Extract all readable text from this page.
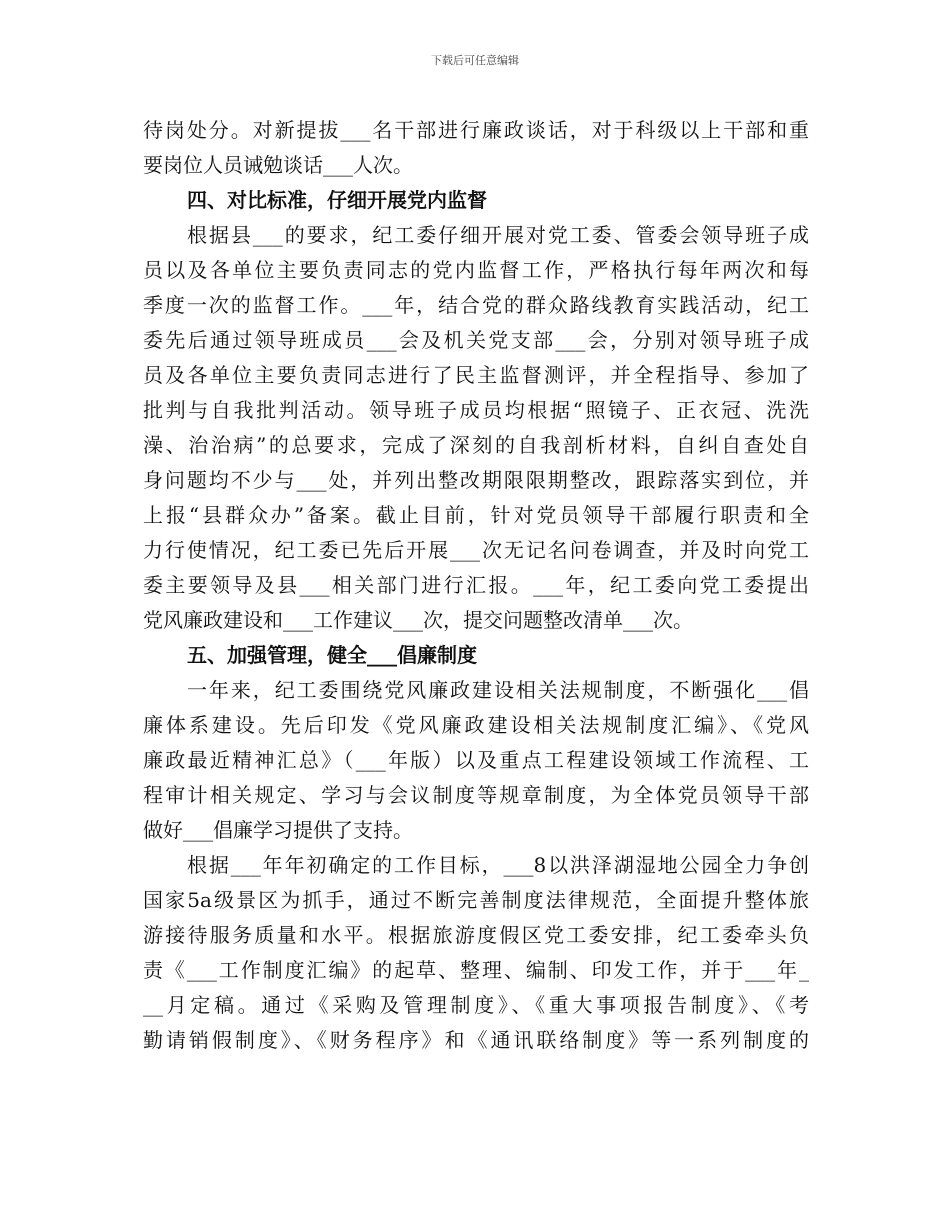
下载后可任意编辑
待岗处分。对新提拔___名干部进行廉政谈话，对于科级以上干部和重
要岗位人员诫勉谈话___人次。
四、对比标准，仔细开展党内监督
根据县___的要求，纪工委仔细开展对党工委、管委会领导班子成
员以及各单位主要负责同志的党内监督工作，严格执行每年两次和每
季度一次的监督工作。___年，结合党的群众路线教育实践活动，纪工
委先后通过领导班成员___会及机关党支部___会，分别对领导班子成
员及各单位主要负责同志进行了民主监督测评，并全程指导、参加了
批判与自我批判活动。领导班子成员均根据“照镜子、正衣冠、洗洗
澡、治治病”的总要求，完成了深刻的自我剖析材料，自纠自查处自
身问题均不少与___处，并列出整改期限限期整改，跟踪落实到位，并
上报“县群众办”备案。截止目前，针对党员领导干部履行职责和全
力行使情况，纪工委已先后开展___次无记名问卷调查，并及时向党工
委主要领导及县___相关部门进行汇报。___年，纪工委向党工委提出
党风廉政建设和___工作建议___次，提交问题整改清单___次。
五、加强管理，健全___倡廉制度
一年来，纪工委围绕党风廉政建设相关法规制度，不断强化___倡
廉体系建设。先后印发《党风廉政建设相关法规制度汇编》、《党风
廉政最近精神汇总》（___年版）以及重点工程建设领域工作流程、工
程审计相关规定、学习与会议制度等规章制度，为全体党员领导干部
做好___倡廉学习提供了支持。
根据___年年初确定的工作目标，___8以洪泽湖湿地公园全力争创
国家5a级景区为抓手，通过不断完善制度法律规范，全面提升整体旅
游接待服务质量和水平。根据旅游度假区党工委安排，纪工委牵头负
责《___工作制度汇编》的起草、整理、编制、印发工作，并于___年_
__月定稿。通过《采购及管理制度》、《重大事项报告制度》、《考
勤请销假制度》、《财务程序》和《通讯联络制度》等一系列制度的
